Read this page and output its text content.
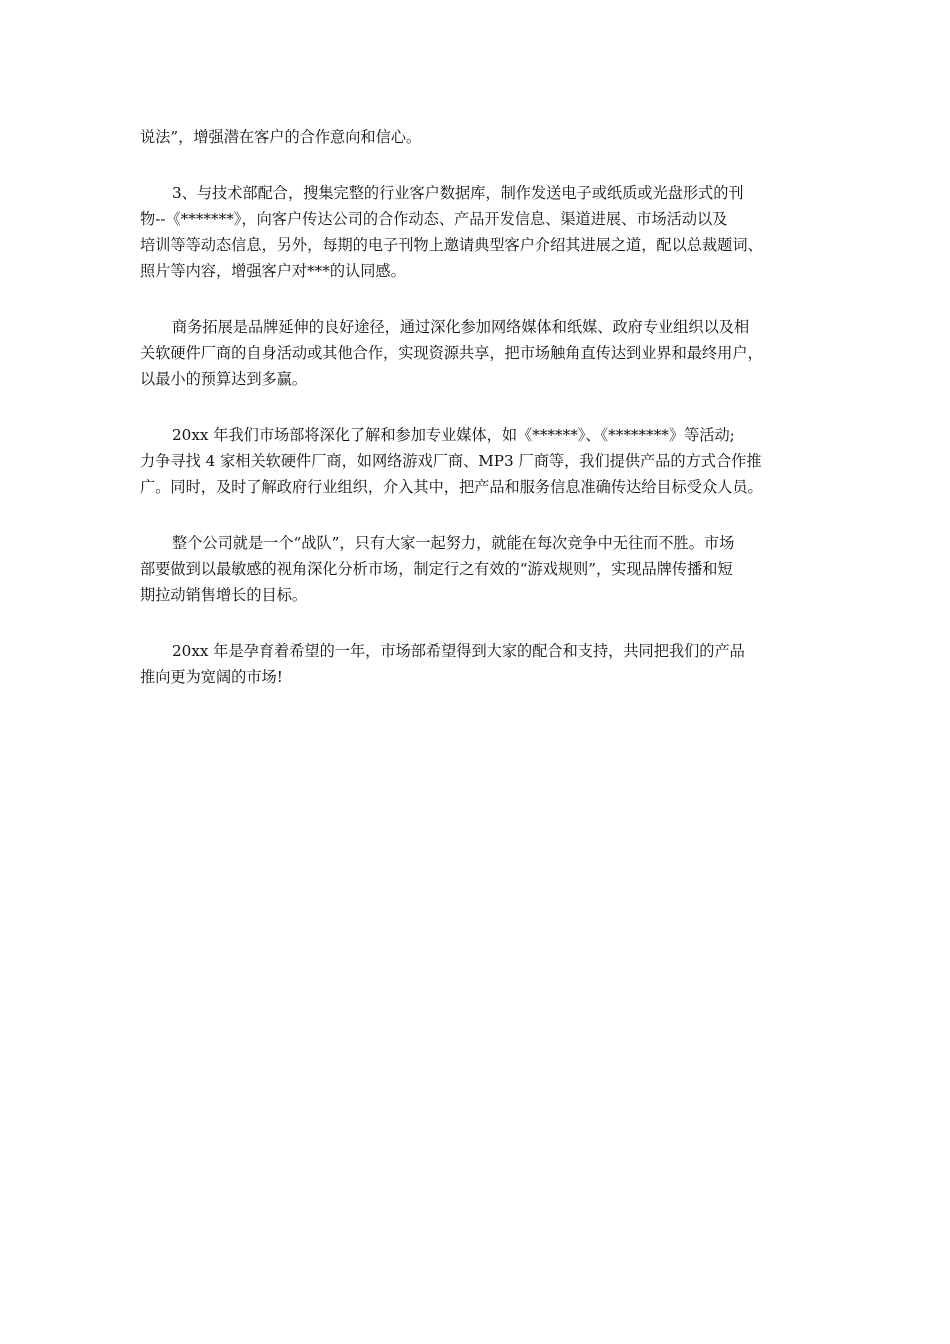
说法”，增强潜在客户的合作意向和信心。

3、与技术部配合，搜集完整的行业客户数据库，制作发送电子或纸质或光盘形式的刊
物--《*******》，向客户传达公司的合作动态、产品开发信息、渠道进展、市场活动以及
培训等等动态信息，另外，每期的电子刊物上邀请典型客户介绍其进展之道，配以总裁题词、
照片等内容，增强客户对***的认同感。

商务拓展是品牌延伸的良好途径，通过深化参加网络媒体和纸媒、政府专业组织以及相
关软硬件厂商的自身活动或其他合作，实现资源共享，把市场触角直传达到业界和最终用户，
以最小的预算达到多赢。

20xx 年我们市场部将深化了解和参加专业媒体，如《******》、《********》等活动;
力争寻找 4 家相关软硬件厂商，如网络游戏厂商、MP3 厂商等，我们提供产品的方式合作推
广。同时，及时了解政府行业组织，介入其中，把产品和服务信息准确传达给目标受众人员。

整个公司就是一个“战队”，只有大家一起努力，就能在每次竞争中无往而不胜。市场
部要做到以最敏感的视角深化分析市场，制定行之有效的“游戏规则”，实现品牌传播和短
期拉动销售增长的目标。

20xx 年是孕育着希望的一年，市场部希望得到大家的配合和支持，共同把我们的产品
推向更为宽阔的市场!
